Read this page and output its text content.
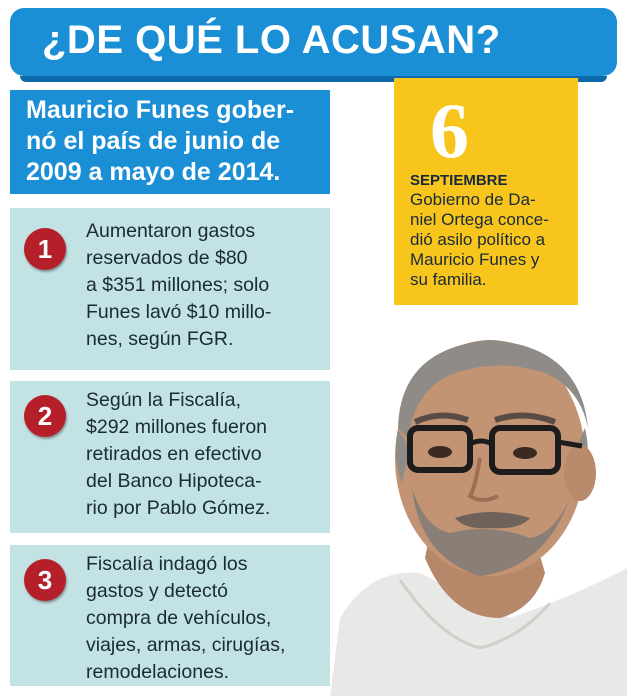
¿DE QUÉ LO ACUSAN?

Mauricio Funes gober-
nó el país de junio de
2009 a mayo de 2014.

1

Aumentaron gastos
reservados de $80
a $351 millones; solo
Funes lavó $10 millo-
nes, según FGR.

2

Según la Fiscalía,
$292 millones fueron
retirados en efectivo
del Banco Hipoteca-
rio por Pablo Gómez.

3

Fiscalía indagó los
gastos y detectó
compra de vehículos,
viajes, armas, cirugías,
remodelaciones.

6
SEPTIEMBRE

Gobierno de Da-
niel Ortega conce-
dió asilo político a
Mauricio Funes y
su familia.
